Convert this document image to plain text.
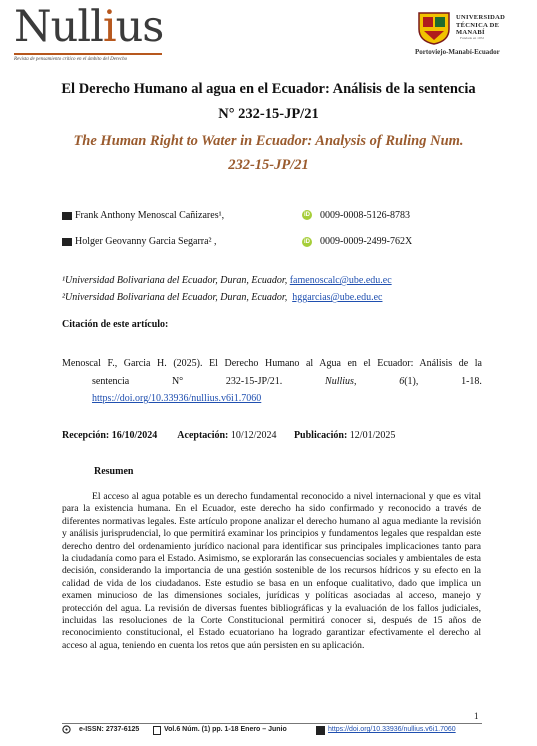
Nullius
Revista de pensamiento crítico en el ámbito del Derecho
UNIVERSIDAD
TÉCNICA DE
MANABÍ
Fundada en 1952
Portoviejo-Manabí-Ecuador
El Derecho Humano al agua en el Ecuador: Análisis de la sentencia
N° 232-15-JP/21
The Human Right to Water in Ecuador: Analysis of Ruling Num.
232-15-JP/21
Frank Anthony Menoscal Cañizares¹,	iD 0009-0008-5126-8783
Holger Geovanny Garcia Segarra² ,	iD 0009-0009-2499-762X
¹Universidad Bolivariana del Ecuador, Duran, Ecuador, famenoscalc@ube.edu.ec
²Universidad Bolivariana del Ecuador, Duran, Ecuador, hggarcias@ube.edu.ec
Citación de este artículo:
Menoscal F., Garcia H. (2025). El Derecho Humano al Agua en el Ecuador: Análisis de la
sentencia	N°	232-15-JP/21.	Nullius,	6(1),	1-18.
https://doi.org/10.33936/nullius.v6i1.7060
Recepción: 16/10/2024 Aceptación: 10/12/2024 Publicación: 12/01/2025
Resumen
El acceso al agua potable es un derecho fundamental reconocido a nivel internacional y que es vital para la existencia humana. En el Ecuador, este derecho ha sido confirmado y reconocido a través de diferentes normativas legales. Este artículo propone analizar el derecho humano al agua mediante la revisión y análisis jurisprudencial, lo que permitirá examinar los principios y fundamentos legales que respaldan este derecho dentro del ordenamiento jurídico nacional para identificar sus principales implicaciones tanto para la ciudadanía como para el Estado. Asimismo, se explorarán las consecuencias sociales y ambientales de esta decisión, considerando la importancia de una gestión sostenible de los recursos hídricos y su efecto en la calidad de vida de los ciudadanos. Este estudio se basa en un enfoque cualitativo, dado que implica un examen minucioso de las dimensiones sociales, jurídicas y políticas asociadas al acceso, manejo y protección del agua. La revisión de diversas fuentes bibliográficas y la evaluación de los fallos judiciales, incluidas las resoluciones de la Corte Constitucional permitirá conocer si, después de 15 años de reconocimiento constitucional, el Estado ecuatoriano ha logrado garantizar efectivamente el derecho al acceso al agua, teniendo en cuenta los retos que aún persisten en su aplicación.
1
e-ISSN: 2737-6125	Vol.6 Núm. (1) pp. 1-18 Enero – Junio	https://doi.org/10.33936/nullius.v6i1.7060
